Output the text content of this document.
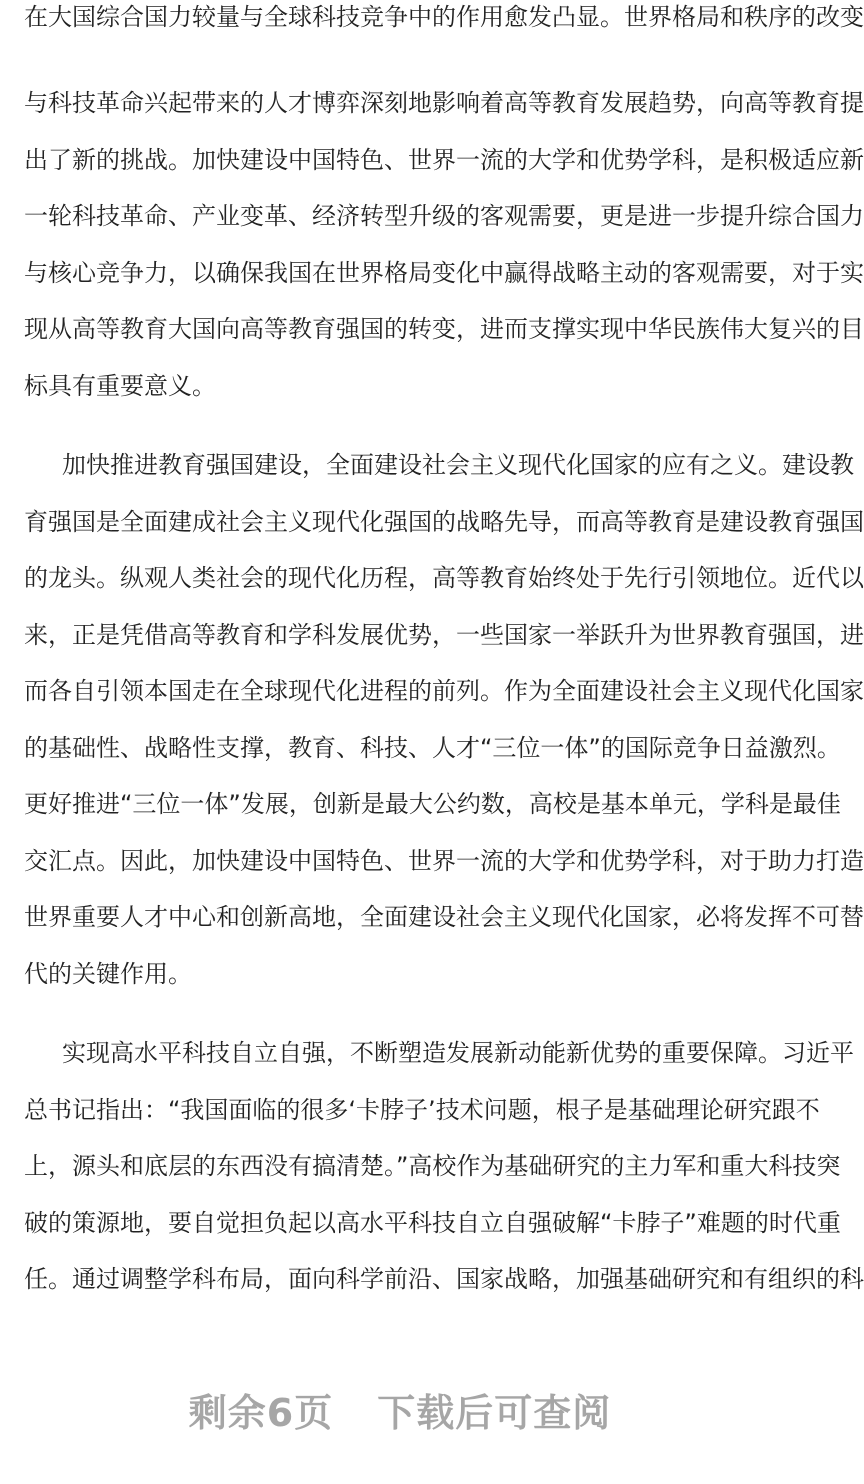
在大国综合国力较量与全球科技竞争中的作用愈发凸显。世界格局和秩序的改变
与科技革命兴起带来的人才博弈深刻地影响着高等教育发展趋势，向高等教育提
出了新的挑战。加快建设中国特色、世界一流的大学和优势学科，是积极适应新
一轮科技革命、产业变革、经济转型升级的客观需要，更是进一步提升综合国力
与核心竞争力，以确保我国在世界格局变化中赢得战略主动的客观需要，对于实
现从高等教育大国向高等教育强国的转变，进而支撑实现中华民族伟大复兴的目
标具有重要意义。
加快推进教育强国建设，全面建设社会主义现代化国家的应有之义。建设教
育强国是全面建成社会主义现代化强国的战略先导，而高等教育是建设教育强国
的龙头。纵观人类社会的现代化历程，高等教育始终处于先行引领地位。近代以
来，正是凭借高等教育和学科发展优势，一些国家一举跃升为世界教育强国，进
而各自引领本国走在全球现代化进程的前列。作为全面建设社会主义现代化国家
的基础性、战略性支撑，教育、科技、人才“三位一体”的国际竞争日益激烈。
更好推进“三位一体”发展，创新是最大公约数，高校是基本单元，学科是最佳
交汇点。因此，加快建设中国特色、世界一流的大学和优势学科，对于助力打造
世界重要人才中心和创新高地，全面建设社会主义现代化国家，必将发挥不可替
代的关键作用。
实现高水平科技自立自强，不断塑造发展新动能新优势的重要保障。习近平
总书记指出：“我国面临的很多‘卡脖子’技术问题，根子是基础理论研究跟不
上，源头和底层的东西没有搞清楚。”高校作为基础研究的主力军和重大科技突
破的策源地，要自觉担负起以高水平科技自立自强破解“卡脖子”难题的时代重
任。通过调整学科布局，面向科学前沿、国家战略，加强基础研究和有组织的科
剩余6页 下载后可查阅
